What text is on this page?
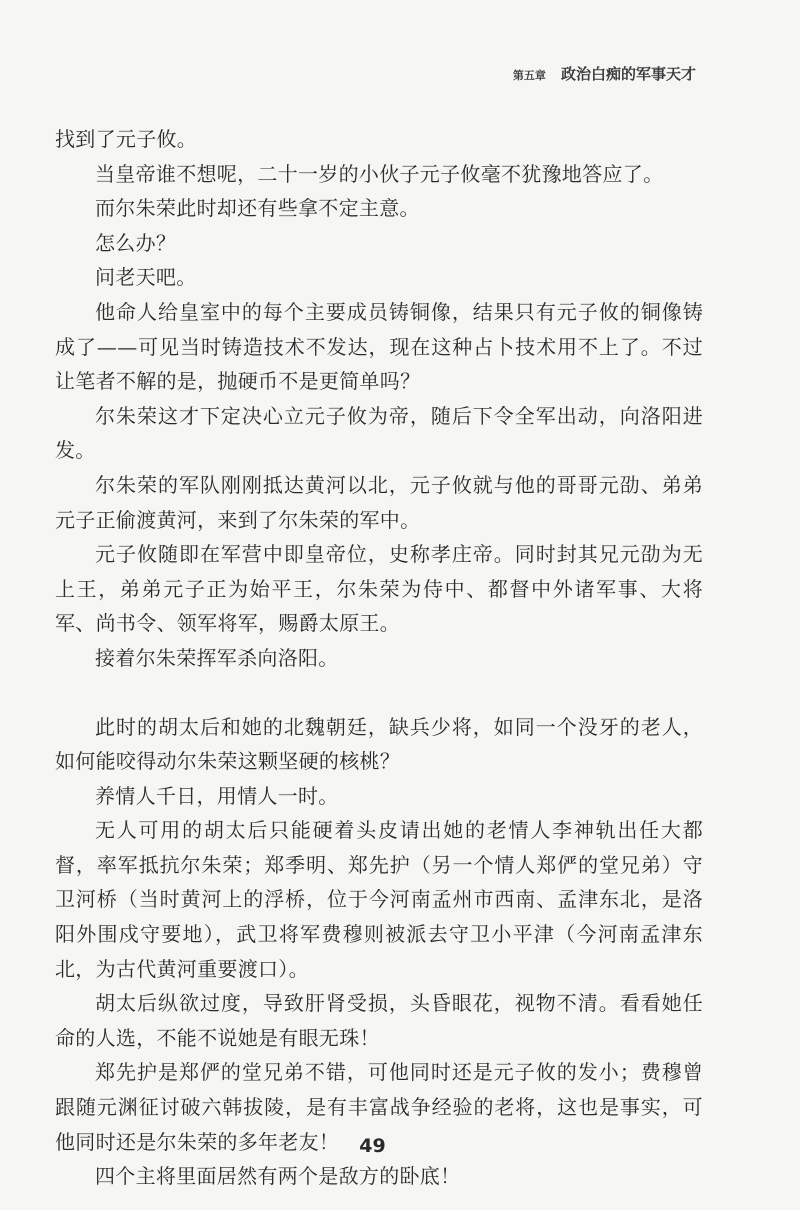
第五章 政治白痴的军事天才

找到了元子攸。

当皇帝谁不想呢，二十一岁的小伙子元子攸毫不犹豫地答应了。

而尔朱荣此时却还有些拿不定主意。

怎么办？

问老天吧。

他命人给皇室中的每个主要成员铸铜像，结果只有元子攸的铜像铸成了——可见当时铸造技术不发达，现在这种占卜技术用不上了。不过让笔者不解的是，抛硬币不是更简单吗？

尔朱荣这才下定决心立元子攸为帝，随后下令全军出动，向洛阳进发。

尔朱荣的军队刚刚抵达黄河以北，元子攸就与他的哥哥元劭、弟弟元子正偷渡黄河，来到了尔朱荣的军中。

元子攸随即在军营中即皇帝位，史称孝庄帝。同时封其兄元劭为无上王，弟弟元子正为始平王，尔朱荣为侍中、都督中外诸军事、大将军、尚书令、领军将军，赐爵太原王。

接着尔朱荣挥军杀向洛阳。

此时的胡太后和她的北魏朝廷，缺兵少将，如同一个没牙的老人，如何能咬得动尔朱荣这颗坚硬的核桃？

养情人千日，用情人一时。

无人可用的胡太后只能硬着头皮请出她的老情人李神轨出任大都督，率军抵抗尔朱荣；郑季明、郑先护（另一个情人郑俨的堂兄弟）守卫河桥（当时黄河上的浮桥，位于今河南孟州市西南、孟津东北，是洛阳外围戍守要地），武卫将军费穆则被派去守卫小平津（今河南孟津东北，为古代黄河重要渡口）。

胡太后纵欲过度，导致肝肾受损，头昏眼花，视物不清。看看她任命的人选，不能不说她是有眼无珠！

郑先护是郑俨的堂兄弟不错，可他同时还是元子攸的发小；费穆曾跟随元渊征讨破六韩拔陵，是有丰富战争经验的老将，这也是事实，可他同时还是尔朱荣的多年老友！

四个主将里面居然有两个是敌方的卧底！

49
